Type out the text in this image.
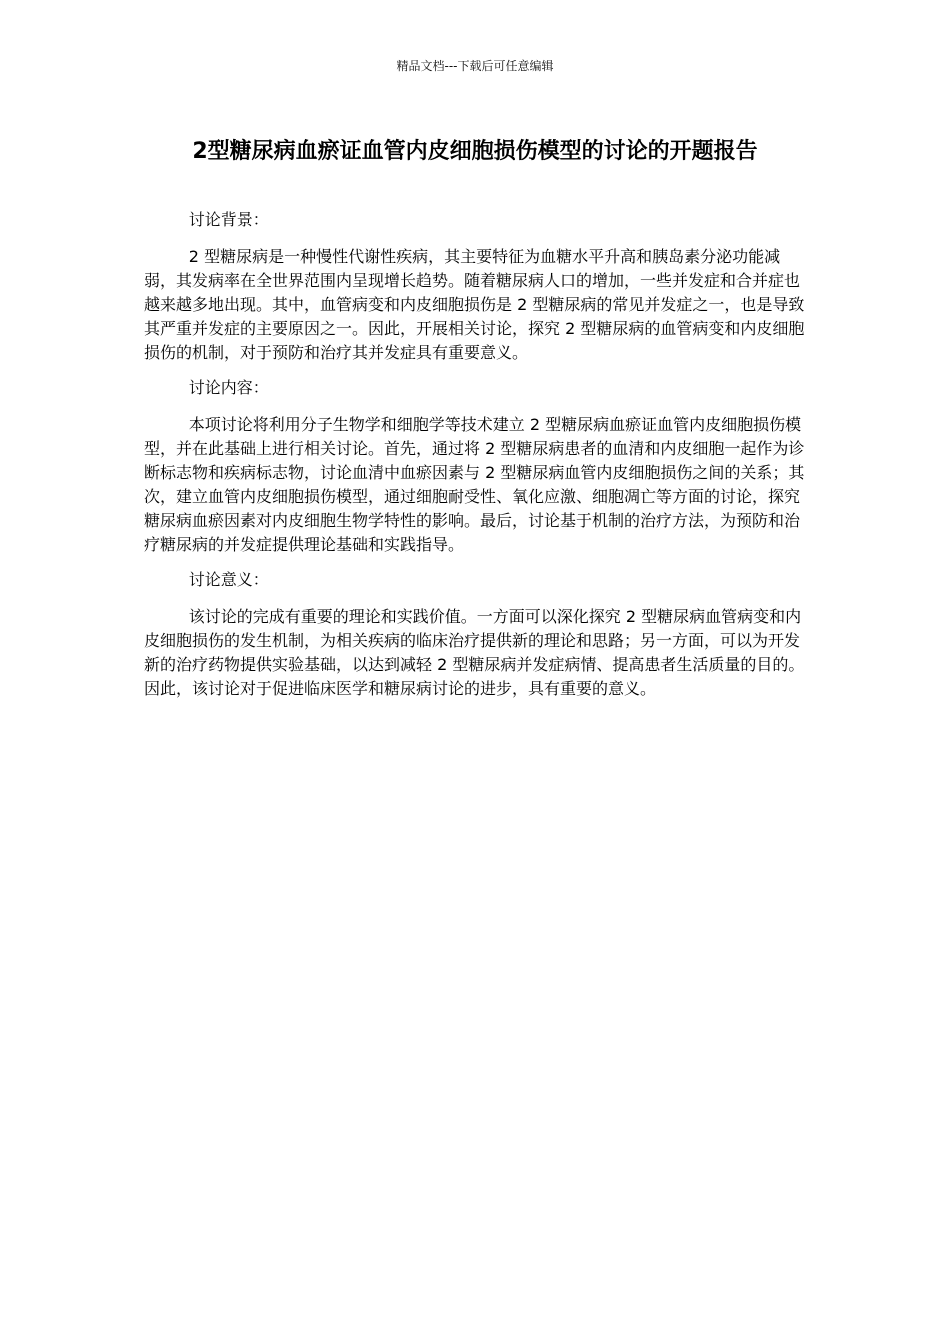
精品文档---下载后可任意编辑
2型糖尿病血瘀证血管内皮细胞损伤模型的讨论的开题报告

讨论背景：

2 型糖尿病是一种慢性代谢性疾病，其主要特征为血糖水平升高和胰岛素分泌功能减弱，其发病率在全世界范围内呈现增长趋势。随着糖尿病人口的增加，一些并发症和合并症也越来越多地出现。其中，血管病变和内皮细胞损伤是 2 型糖尿病的常见并发症之一，也是导致其严重并发症的主要原因之一。因此，开展相关讨论，探究 2 型糖尿病的血管病变和内皮细胞损伤的机制，对于预防和治疗其并发症具有重要意义。

讨论内容：

本项讨论将利用分子生物学和细胞学等技术建立 2 型糖尿病血瘀证血管内皮细胞损伤模型，并在此基础上进行相关讨论。首先，通过将 2 型糖尿病患者的血清和内皮细胞一起作为诊断标志物和疾病标志物，讨论血清中血瘀因素与 2 型糖尿病血管内皮细胞损伤之间的关系；其次，建立血管内皮细胞损伤模型，通过细胞耐受性、氧化应激、细胞凋亡等方面的讨论，探究糖尿病血瘀因素对内皮细胞生物学特性的影响。最后，讨论基于机制的治疗方法，为预防和治疗糖尿病的并发症提供理论基础和实践指导。

讨论意义：

该讨论的完成有重要的理论和实践价值。一方面可以深化探究 2 型糖尿病血管病变和内皮细胞损伤的发生机制，为相关疾病的临床治疗提供新的理论和思路；另一方面，可以为开发新的治疗药物提供实验基础，以达到减轻 2 型糖尿病并发症病情、提高患者生活质量的目的。因此，该讨论对于促进临床医学和糖尿病讨论的进步，具有重要的意义。
